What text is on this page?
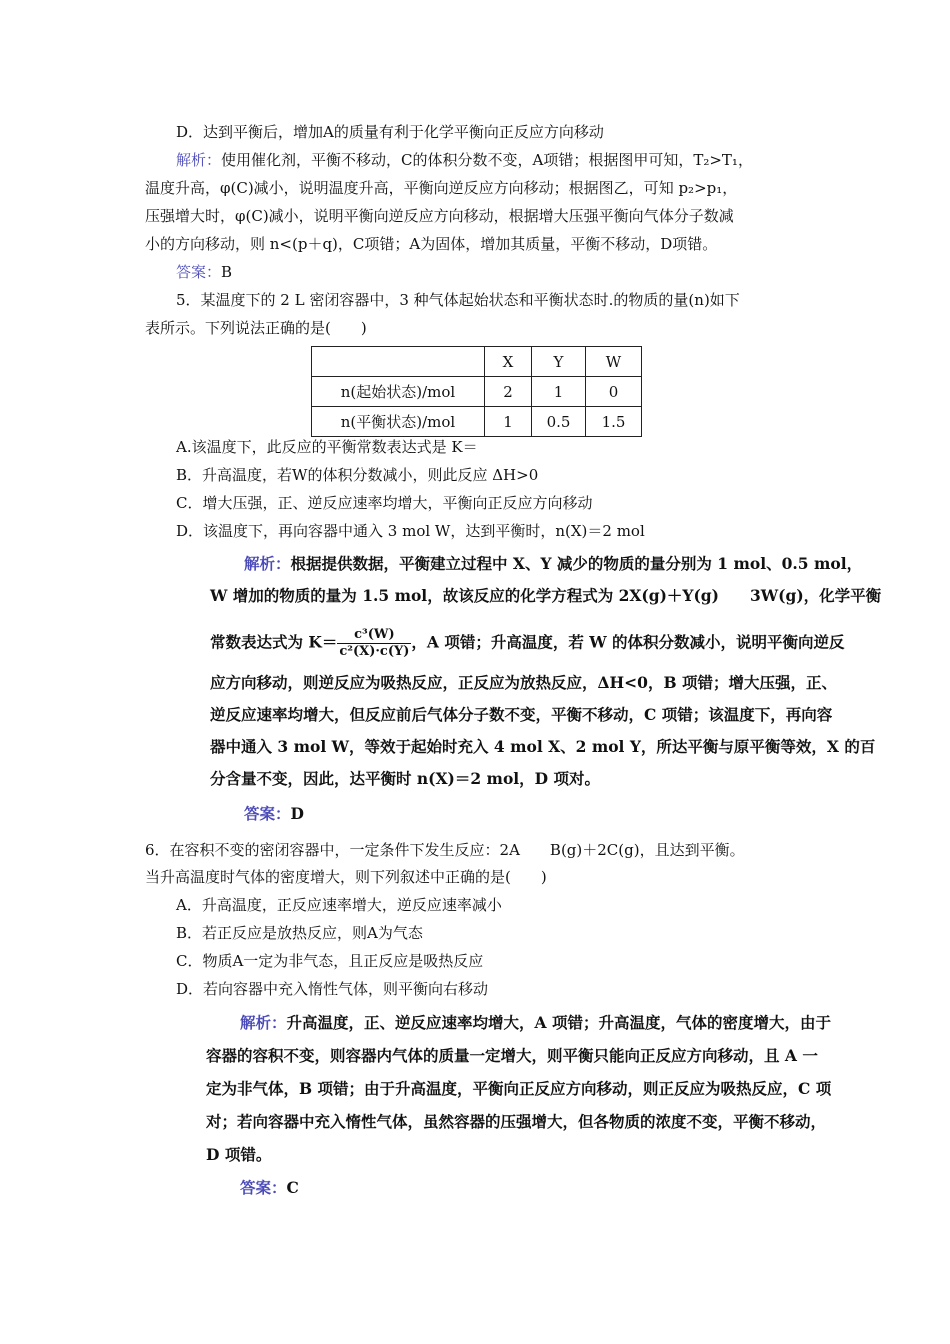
D．达到平衡后，增加A的质量有利于化学平衡向正反应方向移动
解析：使用催化剂，平衡不移动，C的体积分数不变，A项错；根据图甲可知，T₂>T₁，
温度升高，φ(C)减小，说明温度升高，平衡向逆反应方向移动；根据图乙，可知 p₂>p₁，
压强增大时，φ(C)减小，说明平衡向逆反应方向移动，根据增大压强平衡向气体分子数减
小的方向移动，则 n<(p＋q)，C项错；A为固体，增加其质量，平衡不移动，D项错。
答案：B
5．某温度下的 2 L 密闭容器中，3 种气体起始状态和平衡状态时.的物质的量(n)如下
表所示。下列说法正确的是(　　)
	X	Y	W
n(起始状态)/mol	2	1	0
n(平衡状态)/mol	1	0.5	1.5
A.该温度下，此反应的平衡常数表达式是 K＝
B．升高温度，若W的体积分数减小，则此反应 ΔH>0
C．增大压强，正、逆反应速率均增大，平衡向正反应方向移动
D．该温度下，再向容器中通入 3 mol W，达到平衡时，n(X)＝2 mol
解析：根据提供数据，平衡建立过程中 X、Y 减少的物质的量分别为 1 mol、0.5 mol，
W 增加的物质的量为 1.5 mol，故该反应的化学方程式为 2X(g)＋Y(g)　　3W(g)，化学平衡
常数表达式为 $K= \frac{\text{c³(W)}}{\text{c²(X)·c(Y)}}$ ，A 项错；升高温度，若 W 的体积分数减小，说明平衡向逆反
应方向移动，则逆反应为吸热反应，正反应为放热反应，ΔH<0，B 项错；增大压强，正、
逆反应速率均增大，但反应前后气体分子数不变，平衡不移动，C 项错；该温度下，再向容
器中通入 3 mol W，等效于起始时充入 4 mol X、2 mol Y，所达平衡与原平衡等效，X 的百
分含量不变，因此，达平衡时 n(X)＝2 mol，D 项对。
答案：D
6．在容积不变的密闭容器中，一定条件下发生反应：2A　　B(g)＋2C(g)，且达到平衡。
当升高温度时气体的密度增大，则下列叙述中正确的是(　　)
A．升高温度，正反应速率增大，逆反应速率减小
B．若正反应是放热反应，则A为气态
C．物质A一定为非气态，且正反应是吸热反应
D．若向容器中充入惰性气体，则平衡向右移动
解析：升高温度，正、逆反应速率均增大，A 项错；升高温度，气体的密度增大，由于
容器的容积不变，则容器内气体的质量一定增大，则平衡只能向正反应方向移动，且 A 一
定为非气体，B 项错；由于升高温度，平衡向正反应方向移动，则正反应为吸热反应，C 项
对；若向容器中充入惰性气体，虽然容器的压强增大，但各物质的浓度不变，平衡不移动，
D 项错。
答案：C
